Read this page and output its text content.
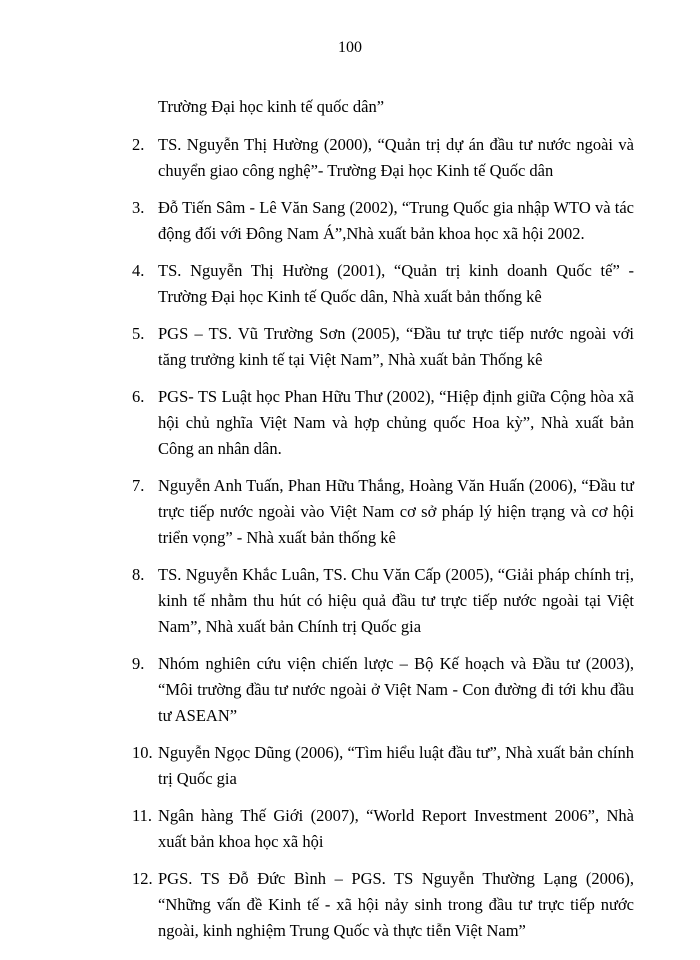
100
Trường Đại học kinh tế quốc dân”
2. TS. Nguyễn Thị Hường (2000), “Quản trị dự án đầu tư nước ngoài và chuyển giao công nghệ”- Trường Đại học Kinh tế Quốc dân
3. Đỗ Tiến Sâm - Lê Văn Sang (2002), “Trung Quốc gia nhập WTO và tác động đối với Đông Nam Á”,Nhà xuất bản khoa học xã hội 2002.
4. TS. Nguyễn Thị Hường (2001), “Quản trị kinh doanh Quốc tế” - Trường Đại học Kinh tế Quốc dân, Nhà xuất bản thống kê
5. PGS – TS. Vũ Trường Sơn (2005), “Đầu tư trực tiếp nước ngoài với tăng trưởng kinh tế tại Việt Nam”, Nhà xuất bản Thống kê
6. PGS- TS Luật học Phan Hữu Thư (2002), “Hiệp định giữa Cộng hòa xã hội chủ nghĩa Việt Nam và hợp chủng quốc Hoa kỳ”, Nhà xuất bản Công an nhân dân.
7. Nguyễn Anh Tuấn, Phan Hữu Thắng, Hoàng Văn Huấn (2006), “Đầu tư trực tiếp nước ngoài vào Việt Nam cơ sở pháp lý hiện trạng và cơ hội triển vọng” - Nhà xuất bản thống kê
8. TS. Nguyễn Khắc Luân, TS. Chu Văn Cấp (2005), “Giải pháp chính trị, kinh tế nhằm thu hút có hiệu quả đầu tư trực tiếp nước ngoài tại Việt Nam”, Nhà xuất bản Chính trị Quốc gia
9. Nhóm nghiên cứu viện chiến lược – Bộ Kế hoạch và Đầu tư (2003), “Môi trường đầu tư nước ngoài ở Việt Nam - Con đường đi tới khu đầu tư ASEAN”
10. Nguyễn Ngọc Dũng (2006), “Tìm hiểu luật đầu tư”, Nhà xuất bản chính trị Quốc gia
11. Ngân hàng Thế Giới (2007), “World Report Investment 2006”, Nhà xuất bản khoa học xã hội
12. PGS. TS Đỗ Đức Bình – PGS. TS Nguyễn Thường Lạng (2006), “Những vấn đề Kinh tế - xã hội nảy sinh trong đầu tư trực tiếp nước ngoài, kinh nghiệm Trung Quốc và thực tiễn Việt Nam”
